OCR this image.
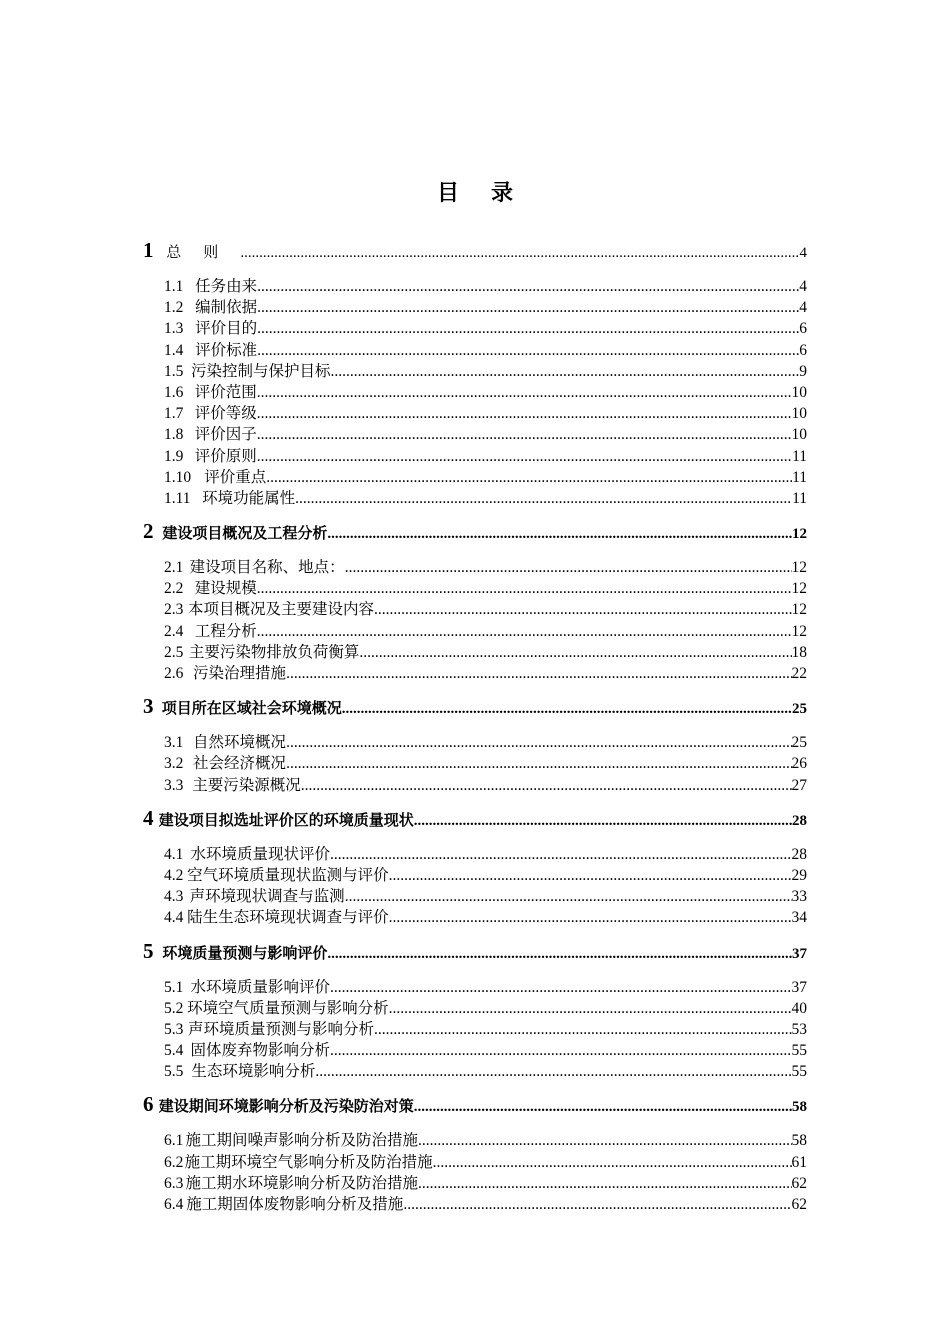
目录
1 总则 .....	4
1.1 任务由来 .....	4
1.2 编制依据 .....	4
1.3 评价目的 .....	6
1.4 评价标准 .....	6
1.5 污染控制与保护目标 .....	9
1.6 评价范围 .....	10
1.7 评价等级 .....	10
1.8 评价因子 .....	10
1.9 评价原则 .....	11
1.10 评价重点 .....	11
1.11 环境功能属性 .....	11
2 建设项目概况及工程分析 .....	12
2.1 建设项目名称、地点： .....	12
2.2 建设规模 .....	12
2.3 本项目概况及主要建设内容 .....	12
2.4 工程分析 .....	12
2.5 主要污染物排放负荷衡算 .....	18
2.6 污染治理措施 .....	22
3 项目所在区域社会环境概况 .....	25
3.1 自然环境概况 .....	25
3.2 社会经济概况 .....	26
3.3 主要污染源概况 .....	27
4 建设项目拟选址评价区的环境质量现状 .....	28
4.1 水环境质量现状评价 .....	28
4.2 空气环境质量现状监测与评价 .....	29
4.3 声环境现状调查与监测 .....	33
4.4 陆生生态环境现状调查与评价 .....	34
5 环境质量预测与影响评价 .....	37
5.1 水环境质量影响评价 .....	37
5.2 环境空气质量预测与影响分析 .....	40
5.3 声环境质量预测与影响分析 .....	53
5.4 固体废弃物影响分析 .....	55
5.5 生态环境影响分析 .....	55
6 建设期间环境影响分析及污染防治对策 .....	58
6.1 施工期间噪声影响分析及防治措施 .....	58
6.2 施工期环境空气影响分析及防治措施 .....	61
6.3 施工期水环境影响分析及防治措施 .....	62
6.4 施工期固体废物影响分析及措施 .....	62
